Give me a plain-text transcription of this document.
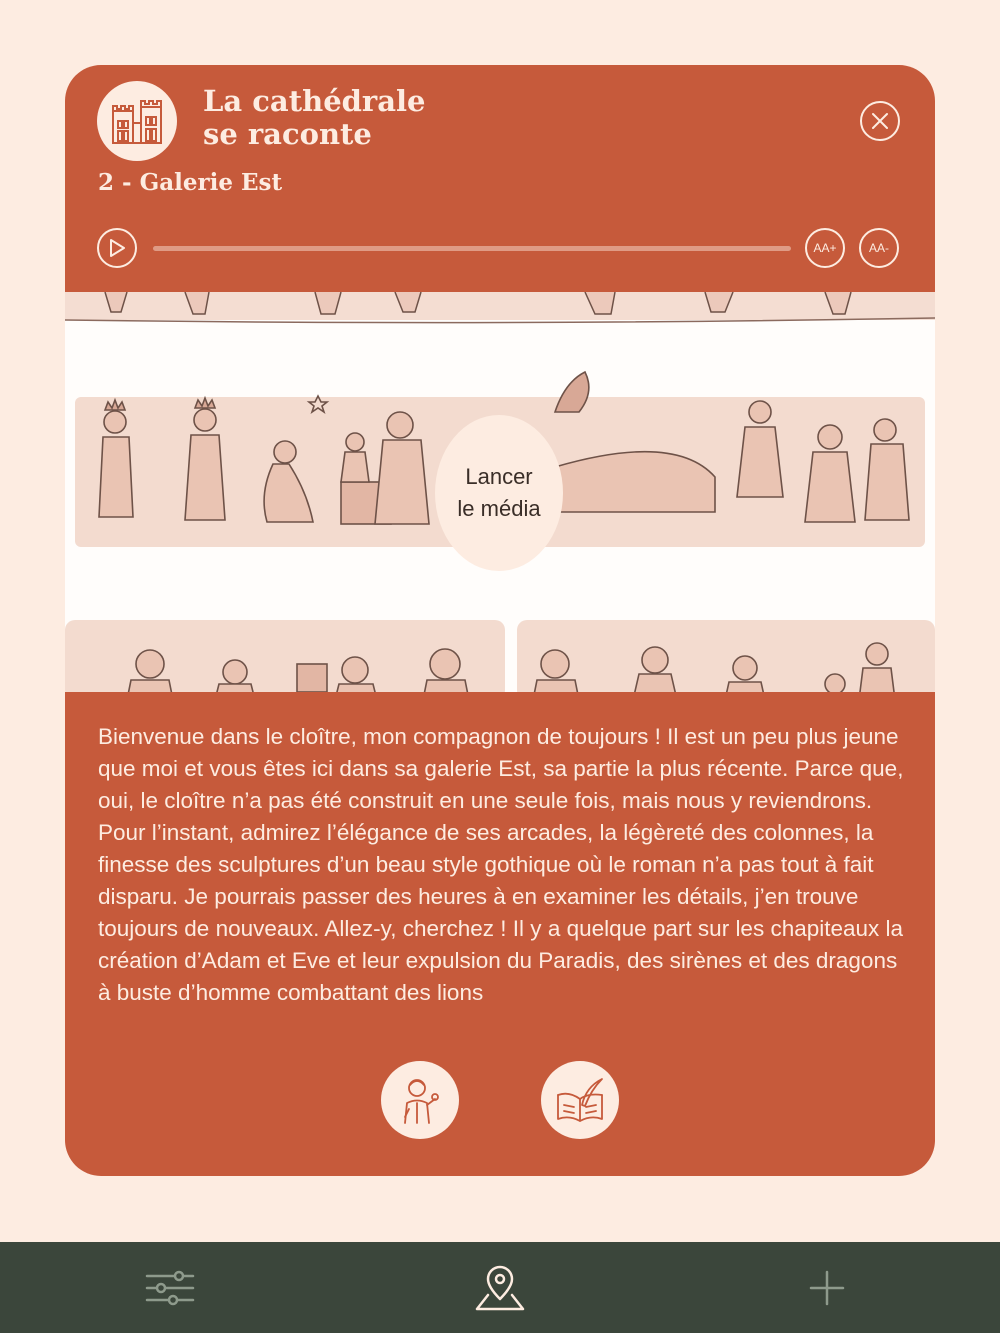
La cathédrale
se raconte
2 - Galerie Est
AA+	AA-
Lancer
le média
Bienvenue dans le cloître, mon compagnon de toujours ! Il est un peu plus jeune que moi et vous êtes ici dans sa galerie Est, sa partie la plus récente. Parce que, oui, le cloître n’a pas été construit en une seule fois, mais nous y reviendrons. Pour l’instant, admirez l’élégance de ses arcades, la légèreté des colonnes, la finesse des sculptures d’un beau style gothique où le roman n’a pas tout à fait disparu. Je pourrais passer des heures à en examiner les détails, j’en trouve toujours de nouveaux. Allez-y, cherchez ! Il y a quelque part sur les chapiteaux la création d’Adam et Eve et leur expulsion du Paradis, des sirènes et des dragons à buste d’homme combattant des lions
